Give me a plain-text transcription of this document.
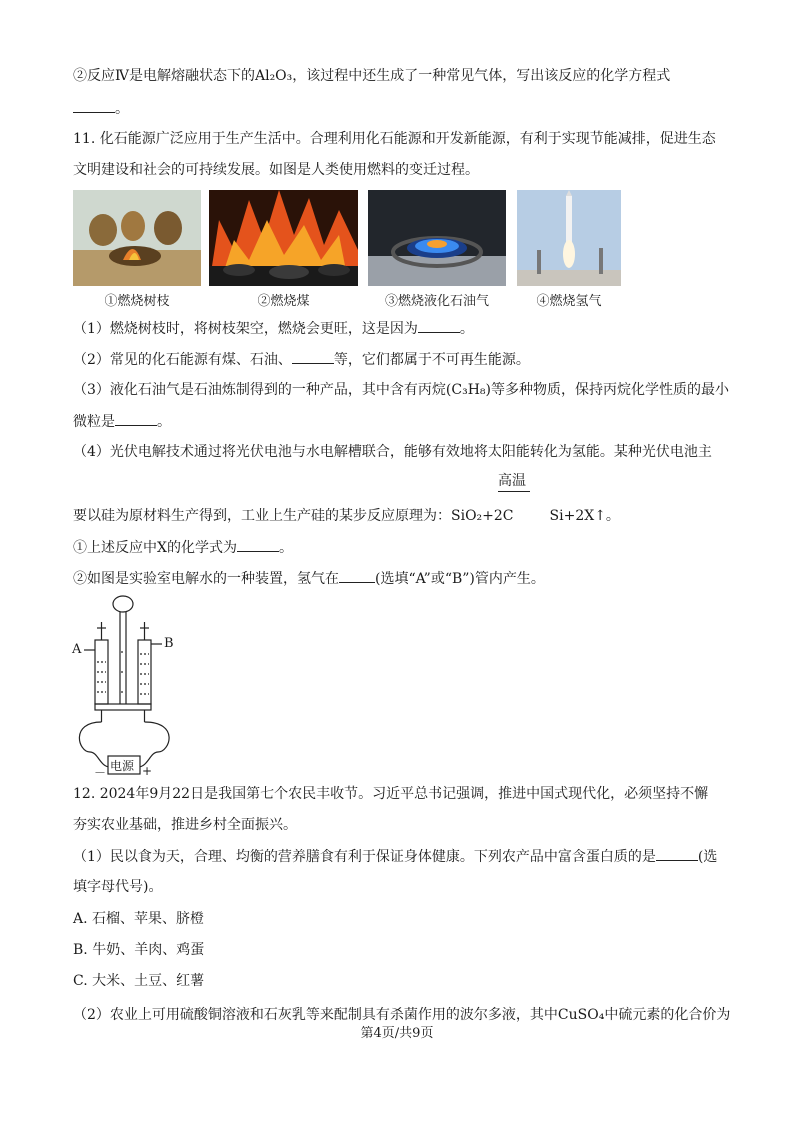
②反应Ⅳ是电解熔融状态下的Al₂O₃，该过程中还生成了一种常见气体，写出该反应的化学方程式
。
11. 化石能源广泛应用于生产生活中。合理利用化石能源和开发新能源，有利于实现节能减排，促进生态
文明建设和社会的可持续发展。如图是人类使用燃料的变迁过程。
①燃烧树枝	②燃烧煤	③燃烧液化石油气	④燃烧氢气
（1）燃烧树枝时，将树枝架空，燃烧会更旺，这是因为	。
（2）常见的化石能源有煤、石油、	等，它们都属于不可再生能源。
（3）液化石油气是石油炼制得到的一种产品，其中含有丙烷(C₃H₈)等多种物质，保持丙烷化学性质的最小
微粒是	。
（4）光伏电解技术通过将光伏电池与水电解槽联合，能够有效地将太阳能转化为氢能。某种光伏电池主
高温
要以硅为原材料生产得到，工业上生产硅的某步反应原理为：SiO₂+2C	Si+2X↑。
①上述反应中X的化学式为	。
②如图是实验室电解水的一种装置，氢气在	(选填“A”或“B”)管内产生。
A	B
电源
－	+
12. 2024年9月22日是我国第七个农民丰收节。习近平总书记强调，推进中国式现代化，必须坚持不懈
夯实农业基础，推进乡村全面振兴。
（1）民以食为天，合理、均衡的营养膳食有利于保证身体健康。下列农产品中富含蛋白质的是	(选
填字母代号)。
A. 石榴、苹果、脐橙
B. 牛奶、羊肉、鸡蛋
C. 大米、土豆、红薯
（2）农业上可用硫酸铜溶液和石灰乳等来配制具有杀菌作用的波尔多液，其中CuSO₄中硫元素的化合价为
第4页/共9页
